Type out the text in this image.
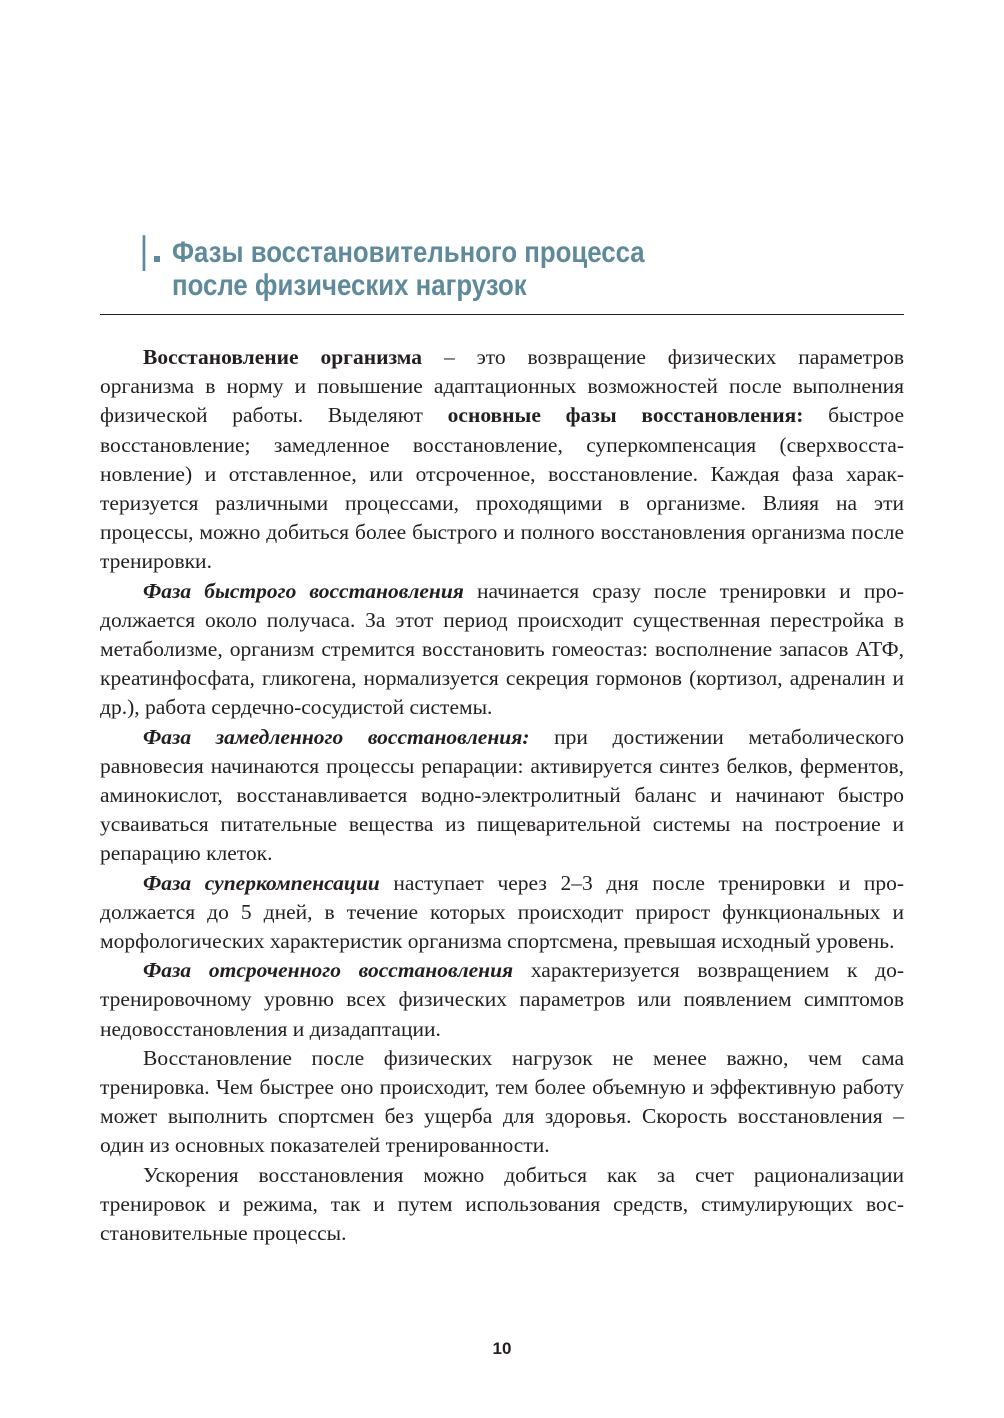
I Фазы восстановительного процесса
после физических нагрузок

Восстановление организма – это возвращение физических параметров организма в норму и повышение адаптационных возможностей после выполнения физической работы. Выделяют основные фазы восстановления: быстрое восстановление; замедленное восстановление, суперкомпенсация (сверхвосстановление) и отставленное, или отсроченное, восстановление. Каждая фаза характеризуется различными процессами, проходящими в организме. Влияя на эти процессы, можно добиться более быстрого и полного восстановления организма после тренировки.

Фаза быстрого восстановления начинается сразу после тренировки и продолжается около получаса. За этот период происходит существенная перестройка в метаболизме, организм стремится восстановить гомеостаз: восполнение запасов АТФ, креатинфосфата, гликогена, нормализуется секреция гормонов (кортизол, адреналин и др.), работа сердечно-сосудистой системы.

Фаза замедленного восстановления: при достижении метаболического равновесия начинаются процессы репарации: активируется синтез белков, ферментов, аминокислот, восстанавливается водно-электролитный баланс и начинают быстро усваиваться питательные вещества из пищеварительной системы на построение и репарацию клеток.

Фаза суперкомпенсации наступает через 2–3 дня после тренировки и продолжается до 5 дней, в течение которых происходит прирост функциональных и морфологических характеристик организма спортсмена, превышая исходный уровень.

Фаза отсроченного восстановления характеризуется возвращением к дотренировочному уровню всех физических параметров или появлением симптомов недовосстановления и дизадаптации.

Восстановление после физических нагрузок не менее важно, чем сама тренировка. Чем быстрее оно происходит, тем более объемную и эффективную работу может выполнить спортсмен без ущерба для здоровья. Скорость восстановления – один из основных показателей тренированности.

Ускорения восстановления можно добиться как за счет рационализации тренировок и режима, так и путем использования средств, стимулирующих восстановительные процессы.

10
